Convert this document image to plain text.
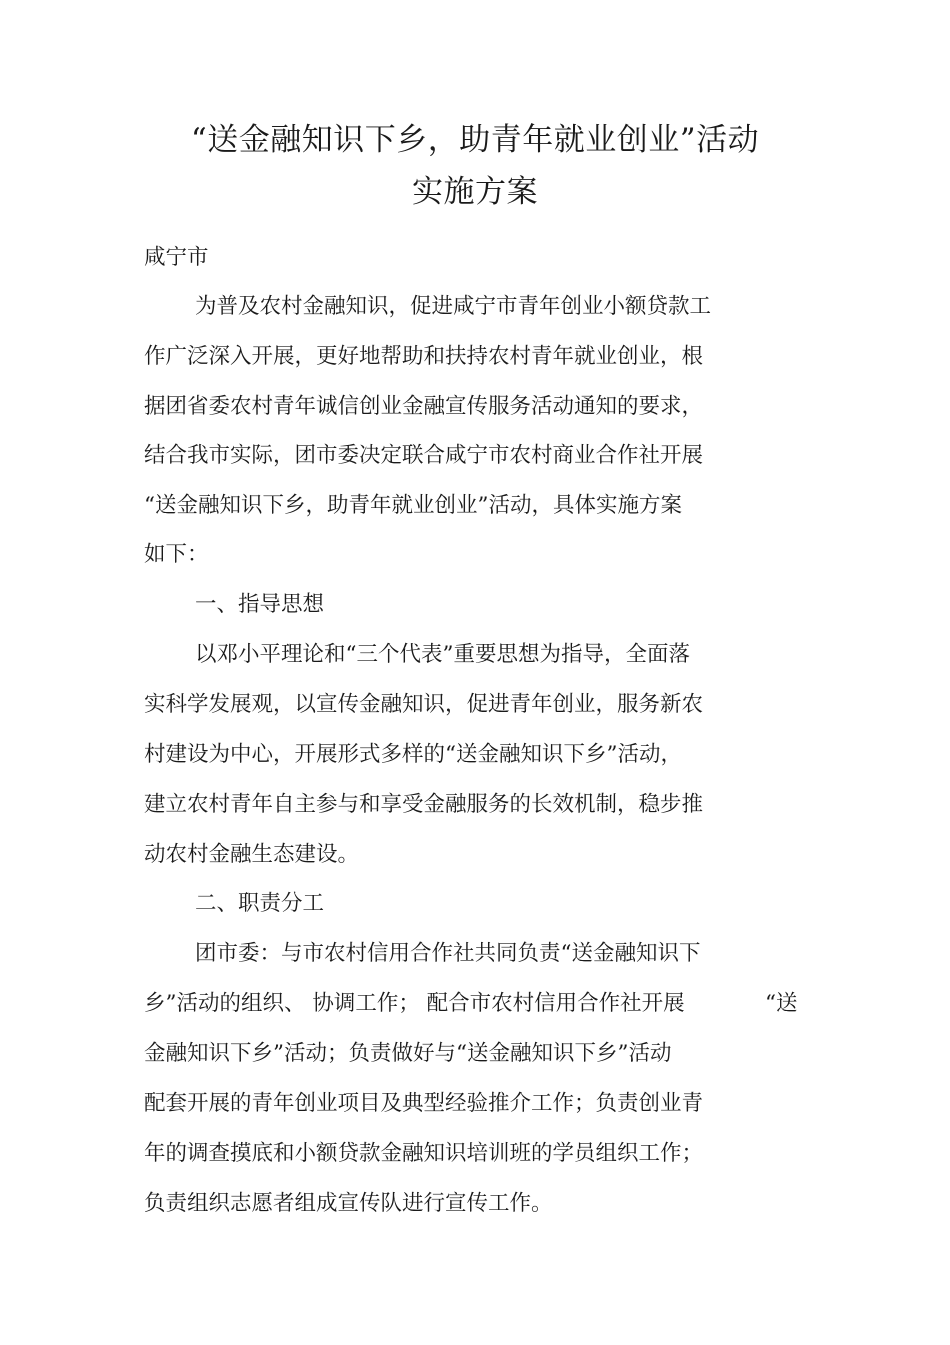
“送金融知识下乡，助青年就业创业”活动
实施方案
咸宁市
为普及农村金融知识，促进咸宁市青年创业小额贷款工
作广泛深入开展，更好地帮助和扶持农村青年就业创业，根
据团省委农村青年诚信创业金融宣传服务活动通知的要求，
结合我市实际，团市委决定联合咸宁市农村商业合作社开展
“送金融知识下乡，助青年就业创业”活动，具体实施方案
如下：
一、指导思想
以邓小平理论和“三个代表”重要思想为指导，全面落
实科学发展观，以宣传金融知识，促进青年创业，服务新农
村建设为中心，开展形式多样的“送金融知识下乡”活动，
建立农村青年自主参与和享受金融服务的长效机制，稳步推
动农村金融生态建设。
二、职责分工
团市委：与市农村信用合作社共同负责“送金融知识下
乡”活动的组织、 协调工作； 配合市农村信用合作社开展	“送
金融知识下乡”活动；负责做好与“送金融知识下乡”活动
配套开展的青年创业项目及典型经验推介工作；负责创业青
年的调查摸底和小额贷款金融知识培训班的学员组织工作；
负责组织志愿者组成宣传队进行宣传工作。
